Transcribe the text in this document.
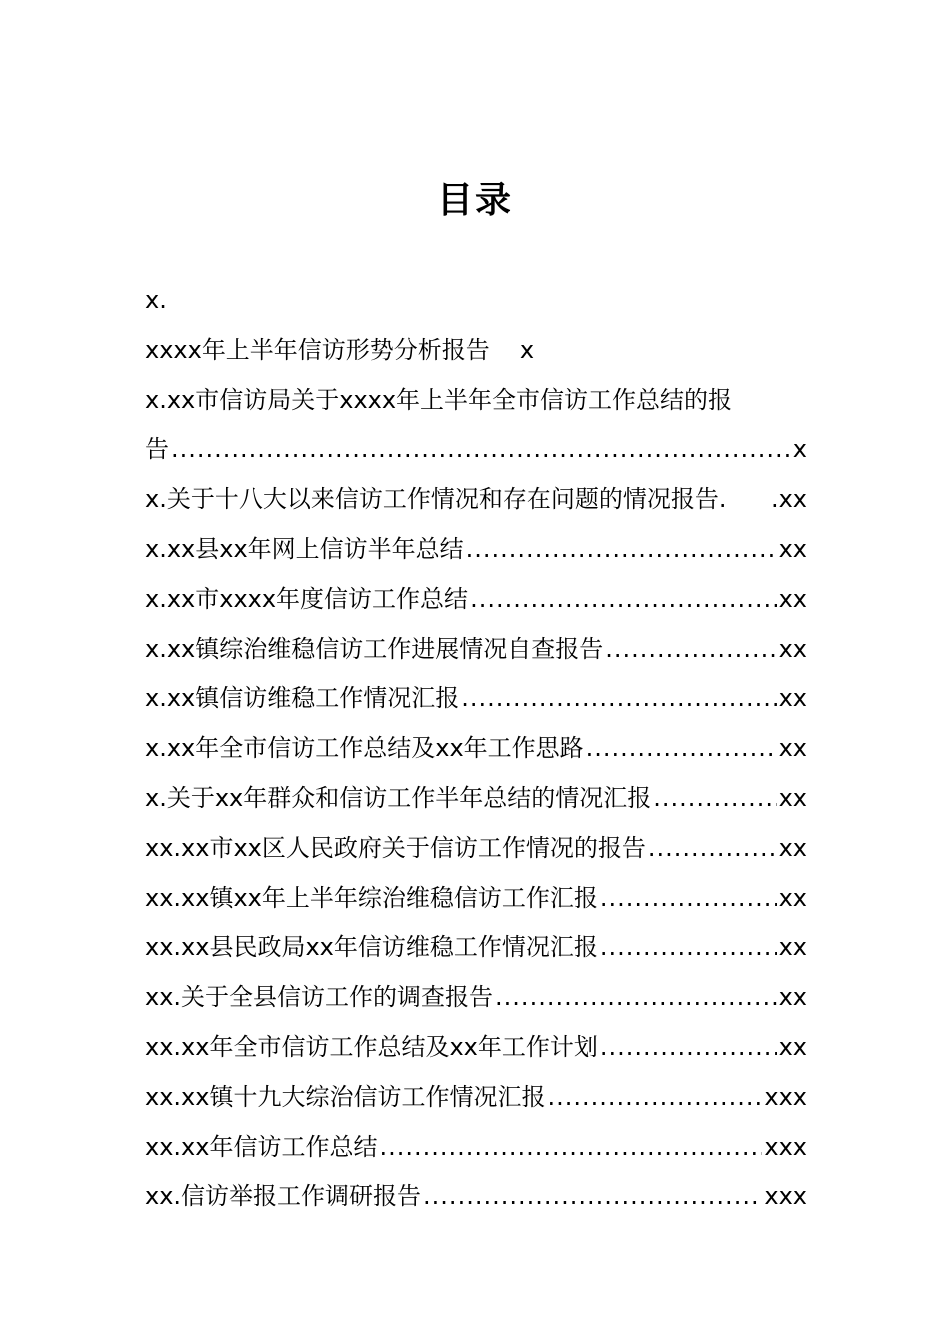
目录
x.
xxxx年上半年信访形势分析报告 x
x.xx市信访局关于xxxx年上半年全市信访工作总结的报
告 .....	x
x.关于十八大以来信访工作情况和存在问题的情况报告. .xx
x.xx县xx年网上信访半年总结 .....	xx
x.xx市xxxx年度信访工作总结 .....	xx
x.xx镇综治维稳信访工作进展情况自查报告 .....	xx
x.xx镇信访维稳工作情况汇报 .....	xx
x.xx年全市信访工作总结及xx年工作思路 .....	xx
x.关于xx年群众和信访工作半年总结的情况汇报 .....	xx
xx.xx市xx区人民政府关于信访工作情况的报告 .....	xx
xx.xx镇xx年上半年综治维稳信访工作汇报 .....	xx
xx.xx县民政局xx年信访维稳工作情况汇报 .....	xx
xx.关于全县信访工作的调查报告 .....	xx
xx.xx年全市信访工作总结及xx年工作计划 .....	xx
xx.xx镇十九大综治信访工作情况汇报 .....	xxx
xx.xx年信访工作总结 .....	xxx
xx.信访举报工作调研报告 .....	xxx
